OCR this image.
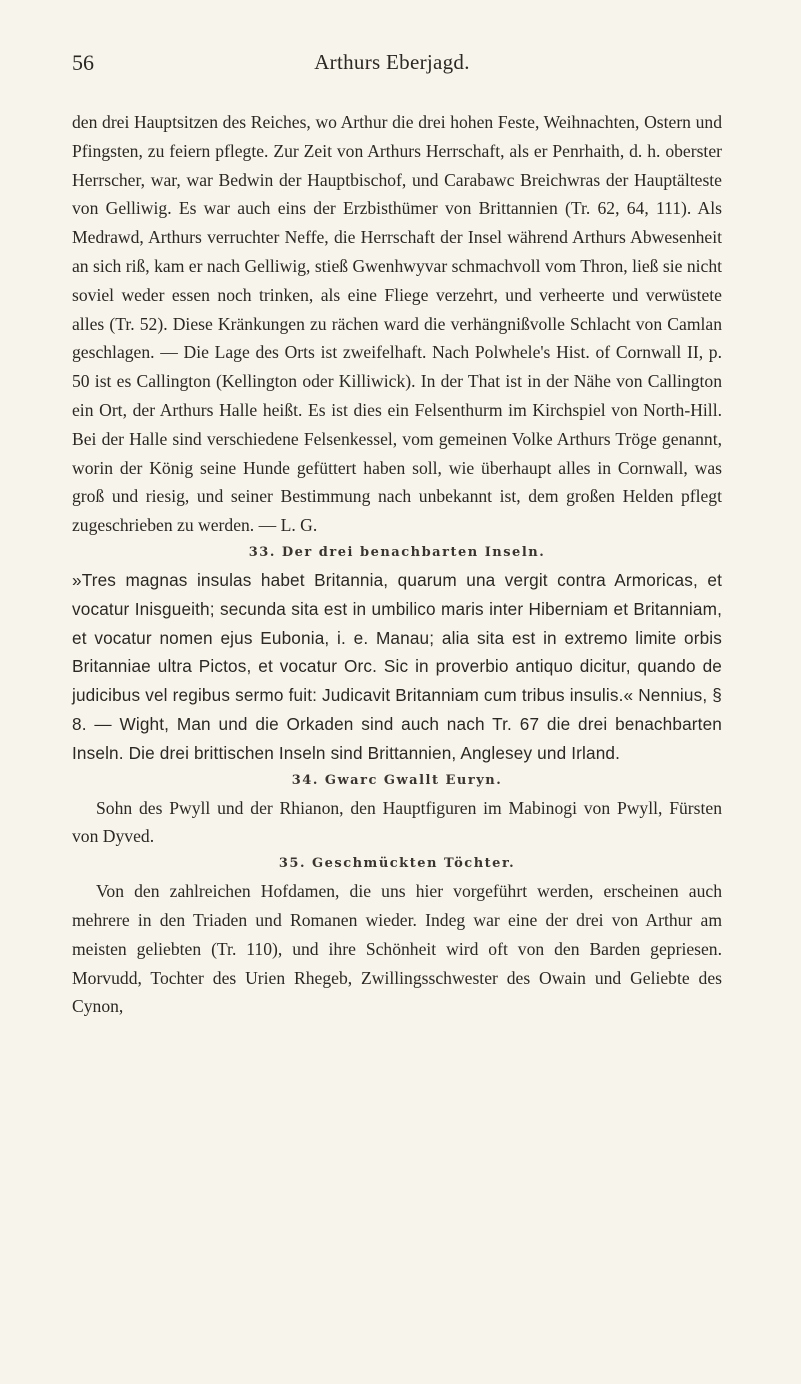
56	Arthurs Eberjagd.

den drei Hauptsitzen des Reiches, wo Arthur die drei hohen Feste, Weihnachten, Ostern und Pfingsten, zu feiern pflegte. Zur Zeit von Arthurs Herrschaft, als er Penrhaith, d. h. oberster Herrscher, war, war Bedwin der Hauptbischof, und Carabawc Breichwras der Hauptälteste von Gelliwig. Es war auch eins der Erzbisthümer von Brittannien (Tr. 62, 64, 111). Als Medrawd, Arthurs verruchter Neffe, die Herrschaft der Insel während Arthurs Abwesenheit an sich riß, kam er nach Gelliwig, stieß Gwenhwyvar schmachvoll vom Thron, ließ sie nicht soviel weder essen noch trinken, als eine Fliege verzehrt, und verheerte und verwüstete alles (Tr. 52). Diese Kränkungen zu rächen ward die verhängnißvolle Schlacht von Camlan geschlagen. — Die Lage des Orts ist zweifelhaft. Nach Polwhele's Hist. of Cornwall II, p. 50 ist es Callington (Kellington oder Killiwick). In der That ist in der Nähe von Callington ein Ort, der Arthurs Halle heißt. Es ist dies ein Felsenthurm im Kirchspiel von North-Hill. Bei der Halle sind verschiedene Felsenkessel, vom gemeinen Volke Arthurs Tröge genannt, worin der König seine Hunde gefüttert haben soll, wie überhaupt alles in Cornwall, was groß und riesig, und seiner Bestimmung nach unbekannt ist, dem großen Helden pflegt zugeschrieben zu werden. — L. G.

33. Der drei benachbarten Inseln.

»Tres magnas insulas habet Britannia, quarum una vergit contra Armoricas, et vocatur Inisgueith; secunda sita est in umbilico maris inter Hiberniam et Britanniam, et vocatur nomen ejus Eubonia, i. e. Manau; alia sita est in extremo limite orbis Britanniae ultra Pictos, et vocatur Orc. Sic in proverbio antiquo dicitur, quando de judicibus vel regibus sermo fuit: Judicavit Britanniam cum tribus insulis.« Nennius, § 8. — Wight, Man und die Orkaden sind auch nach Tr. 67 die drei benachbarten Inseln. Die drei brittischen Inseln sind Brittannien, Anglesey und Irland.

34. Gwarc Gwallt Euryn.

Sohn des Pwyll und der Rhianon, den Hauptfiguren im Mabinogi von Pwyll, Fürsten von Dyved.

35. Geschmückten Töchter.

Von den zahlreichen Hofdamen, die uns hier vorgeführt werden, erscheinen auch mehrere in den Triaden und Romanen wieder. Indeg war eine der drei von Arthur am meisten geliebten (Tr. 110), und ihre Schönheit wird oft von den Barden gepriesen. Morvudd, Tochter des Urien Rhegeb, Zwillingsschwester des Owain und Geliebte des Cynon,
